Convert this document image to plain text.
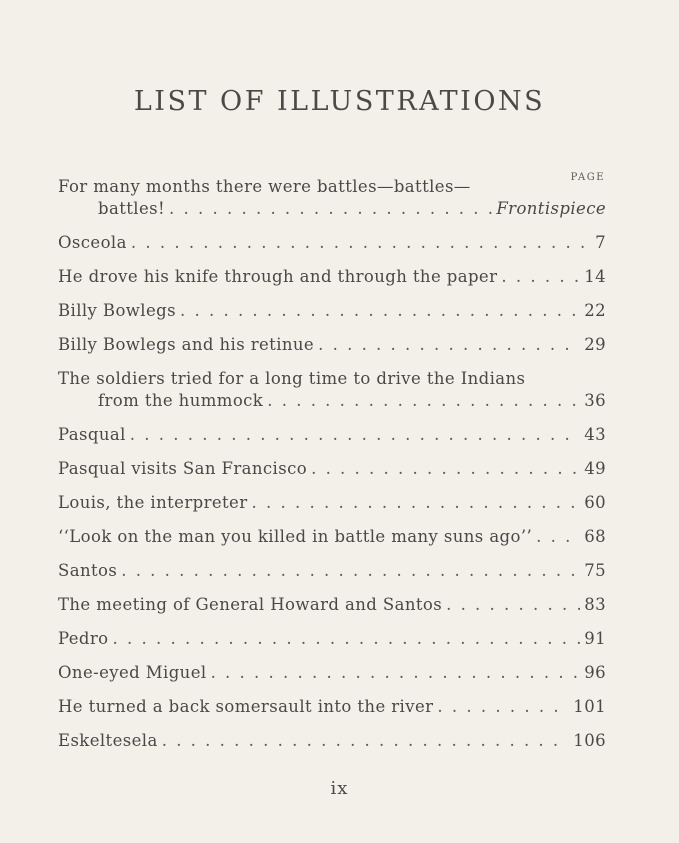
LIST OF ILLUSTRATIONS
PAGE
For many months there were battles—battles—
battles! . . .	Frontispiece
Osceola . . .	7
He drove his knife through and through the paper . . .	14
Billy Bowlegs . . .	22
Billy Bowlegs and his retinue . . .	29
The soldiers tried for a long time to drive the Indians
from the hummock . . .	36
Pasqual . . .	43
Pasqual visits San Francisco . . .	49
Louis, the interpreter . . .	60
‘‘Look on the man you killed in battle many suns ago’’ . . .	68
Santos . . .	75
The meeting of General Howard and Santos . . .	83
Pedro . . .	91
One-eyed Miguel . . .	96
He turned a back somersault into the river . . .	101
Eskeltesela . . .	106
ix
